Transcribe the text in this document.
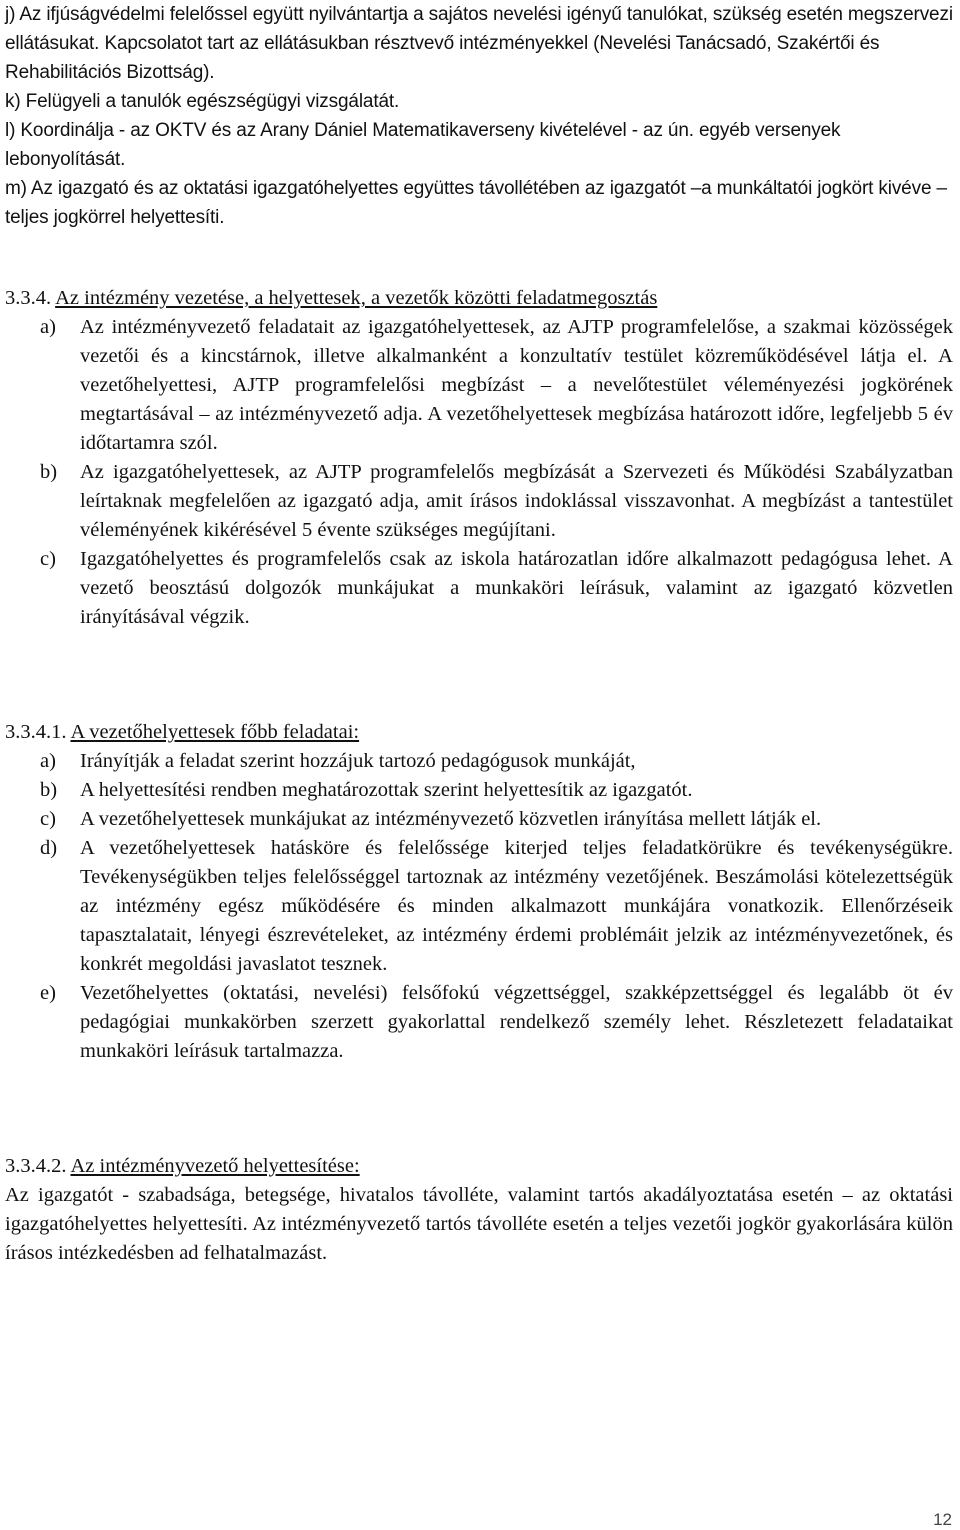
j) Az ifjúságvédelmi felelőssel együtt nyilvántartja a sajátos nevelési igényű tanulókat, szükség esetén megszervezi ellátásukat. Kapcsolatot tart az ellátásukban résztvevő intézményekkel (Nevelési Tanácsadó, Szakértői és Rehabilitációs Bizottság).

k) Felügyeli a tanulók egészségügyi vizsgálatát.

l) Koordinálja - az OKTV és az Arany Dániel Matematikaverseny kivételével - az ún. egyéb versenyek lebonyolítását.

m) Az igazgató és az oktatási igazgatóhelyettes együttes távollétében az igazgatót –a munkáltatói jogkört kivéve – teljes jogkörrel helyettesíti.

3.3.4. Az intézmény vezetése, a helyettesek, a vezetők közötti feladatmegosztás

a) Az intézményvezető feladatait az igazgatóhelyettesek, az AJTP programfelelőse, a szakmai közösségek vezetői és a kincstárnok, illetve alkalmanként a konzultatív testület közreműködésével látja el. A vezetőhelyettesi, AJTP programfelelősi megbízást – a nevelőtestület véleményezési jogkörének megtartásával – az intézményvezető adja. A vezetőhelyettesek megbízása határozott időre, legfeljebb 5 év időtartamra szól.

b) Az igazgatóhelyettesek, az AJTP programfelelős megbízását a Szervezeti és Működési Szabályzatban leírtaknak megfelelően az igazgató adja, amit írásos indoklással visszavonhat. A megbízást a tantestület véleményének kikérésével 5 évente szükséges megújítani.

c) Igazgatóhelyettes és programfelelős csak az iskola határozatlan időre alkalmazott pedagógusa lehet. A vezető beosztású dolgozók munkájukat a munkaköri leírásuk, valamint az igazgató közvetlen irányításával végzik.

3.3.4.1. A vezetőhelyettesek főbb feladatai:

a) Irányítják a feladat szerint hozzájuk tartozó pedagógusok munkáját,

b) A helyettesítési rendben meghatározottak szerint helyettesítik az igazgatót.

c) A vezetőhelyettesek munkájukat az intézményvezető közvetlen irányítása mellett látják el.

d) A vezetőhelyettesek hatásköre és felelőssége kiterjed teljes feladatkörükre és tevékenységükre. Tevékenységükben teljes felelősséggel tartoznak az intézmény vezetőjének. Beszámolási kötelezettségük az intézmény egész működésére és minden alkalmazott munkájára vonatkozik. Ellenőrzéseik tapasztalatait, lényegi észrevételeket, az intézmény érdemi problémáit jelzik az intézményvezetőnek, és konkrét megoldási javaslatot tesznek.

e) Vezetőhelyettes (oktatási, nevelési) felsőfokú végzettséggel, szakképzettséggel és legalább öt év pedagógiai munkakörben szerzett gyakorlattal rendelkező személy lehet. Részletezett feladataikat munkaköri leírásuk tartalmazza.

3.3.4.2. Az intézményvezető helyettesítése:

Az igazgatót - szabadsága, betegsége, hivatalos távolléte, valamint tartós akadályoztatása esetén – az oktatási igazgatóhelyettes helyettesíti. Az intézményvezető tartós távolléte esetén a teljes vezetői jogkör gyakorlására külön írásos intézkedésben ad felhatalmazást.

12
